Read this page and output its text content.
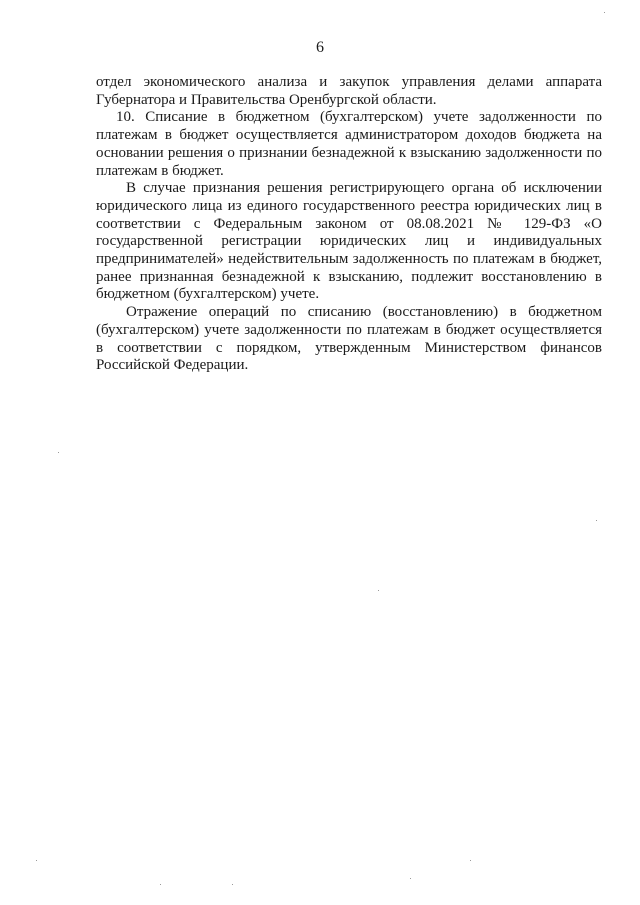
6

отдел экономического анализа и закупок управления делами аппарата Губернатора и Правительства Оренбургской области.

10. Списание в бюджетном (бухгалтерском) учете задолженности по платежам в бюджет осуществляется администратором доходов бюджета на основании решения о признании безнадежной к взысканию задолженности по платежам в бюджет.

В случае признания решения регистрирующего органа об исключении юридического лица из единого государственного реестра юридических лиц в соответствии с Федеральным законом от 08.08.2021 № 129-ФЗ «О государственной регистрации юридических лиц и индивидуальных предпринимателей» недействительным задолженность по платежам в бюджет, ранее признанная безнадежной к взысканию, подлежит восстановлению в бюджетном (бухгалтерском) учете.

Отражение операций по списанию (восстановлению) в бюджетном (бухгалтерском) учете задолженности по платежам в бюджет осуществляется в соответствии с порядком, утвержденным Министерством финансов Российской Федерации.
